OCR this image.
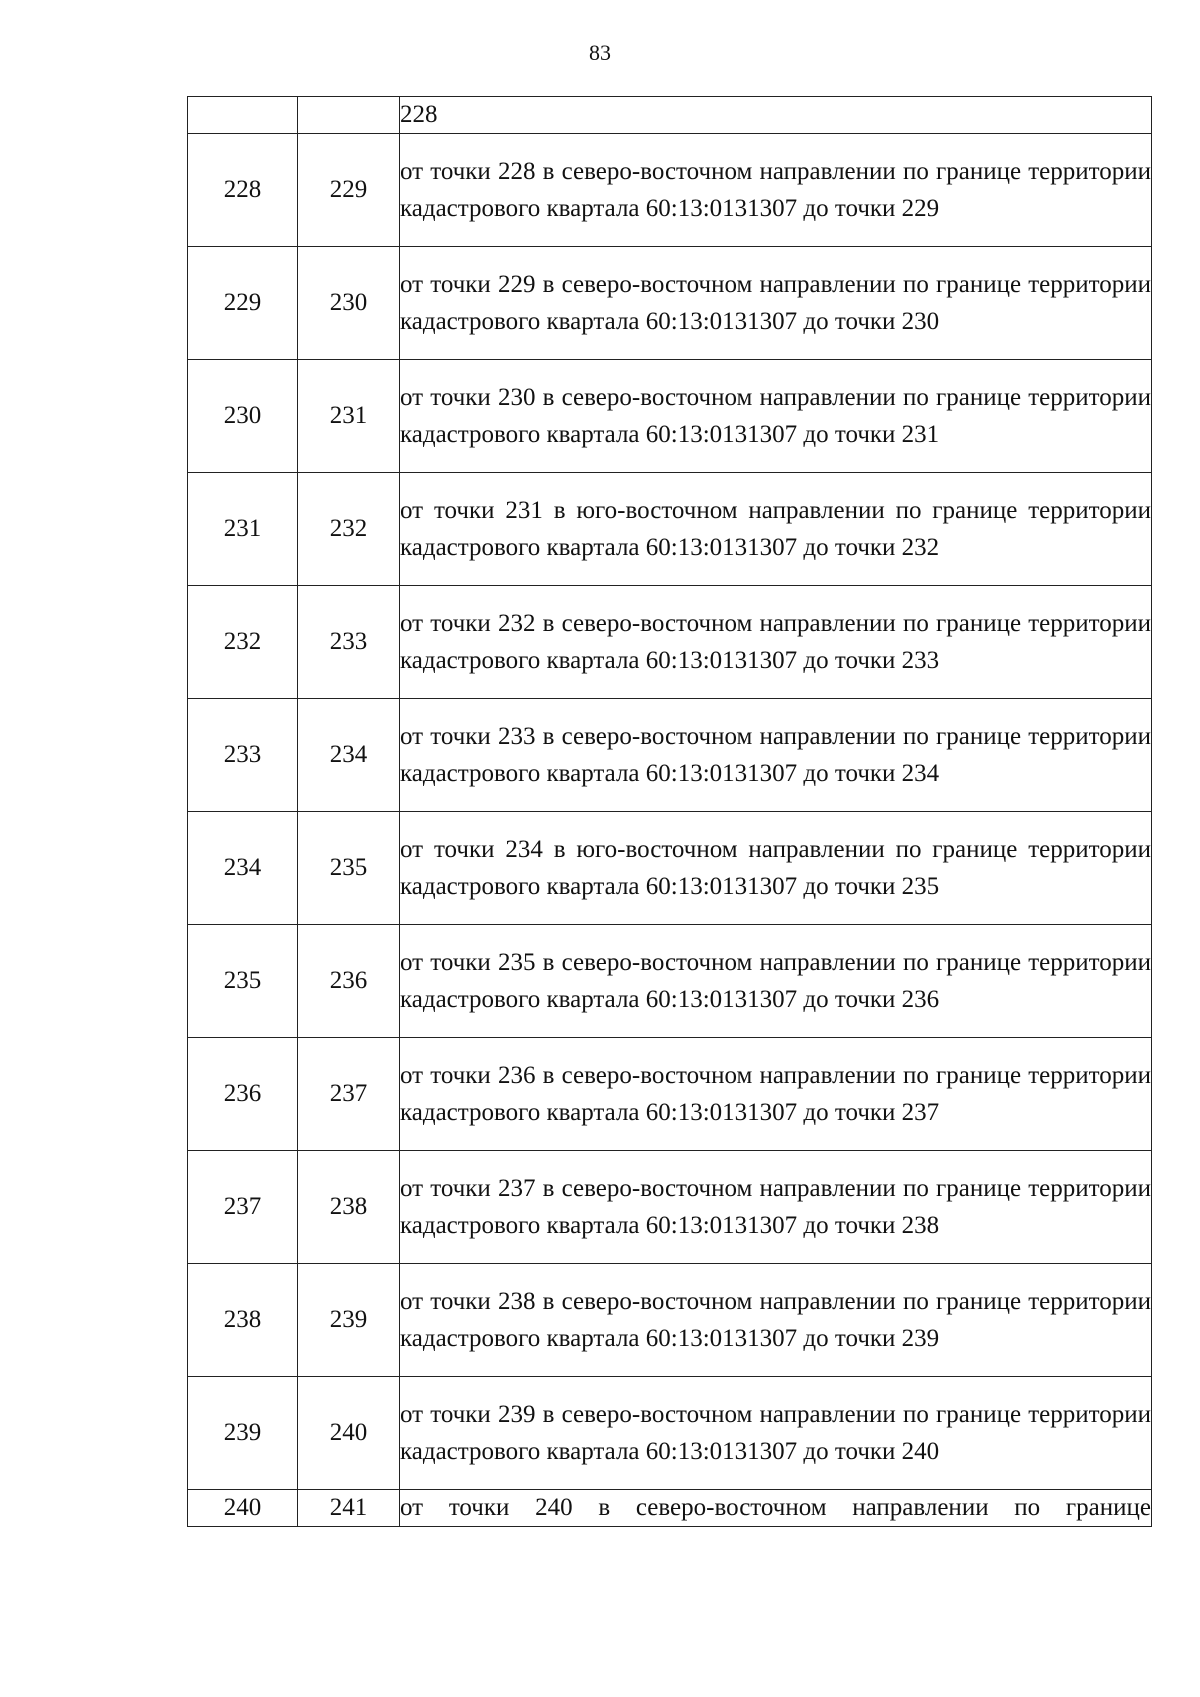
83
		228
228	229	от точки 228 в северо-восточном направлении по границе территории кадастрового квартала 60:13:0131307 до точки 229
229	230	от точки 229 в северо-восточном направлении по границе территории кадастрового квартала 60:13:0131307 до точки 230
230	231	от точки 230 в северо-восточном направлении по границе территории кадастрового квартала 60:13:0131307 до точки 231
231	232	от точки 231 в юго-восточном направлении по границе территории кадастрового квартала 60:13:0131307 до точки 232
232	233	от точки 232 в северо-восточном направлении по границе территории кадастрового квартала 60:13:0131307 до точки 233
233	234	от точки 233 в северо-восточном направлении по границе территории кадастрового квартала 60:13:0131307 до точки 234
234	235	от точки 234 в юго-восточном направлении по границе территории кадастрового квартала 60:13:0131307 до точки 235
235	236	от точки 235 в северо-восточном направлении по границе территории кадастрового квартала 60:13:0131307 до точки 236
236	237	от точки 236 в северо-восточном направлении по границе территории кадастрового квартала 60:13:0131307 до точки 237
237	238	от точки 237 в северо-восточном направлении по границе территории кадастрового квартала 60:13:0131307 до точки 238
238	239	от точки 238 в северо-восточном направлении по границе территории кадастрового квартала 60:13:0131307 до точки 239
239	240	от точки 239 в северо-восточном направлении по границе территории кадастрового квартала 60:13:0131307 до точки 240
240	241	от точки 240 в северо-восточном направлении по границе
